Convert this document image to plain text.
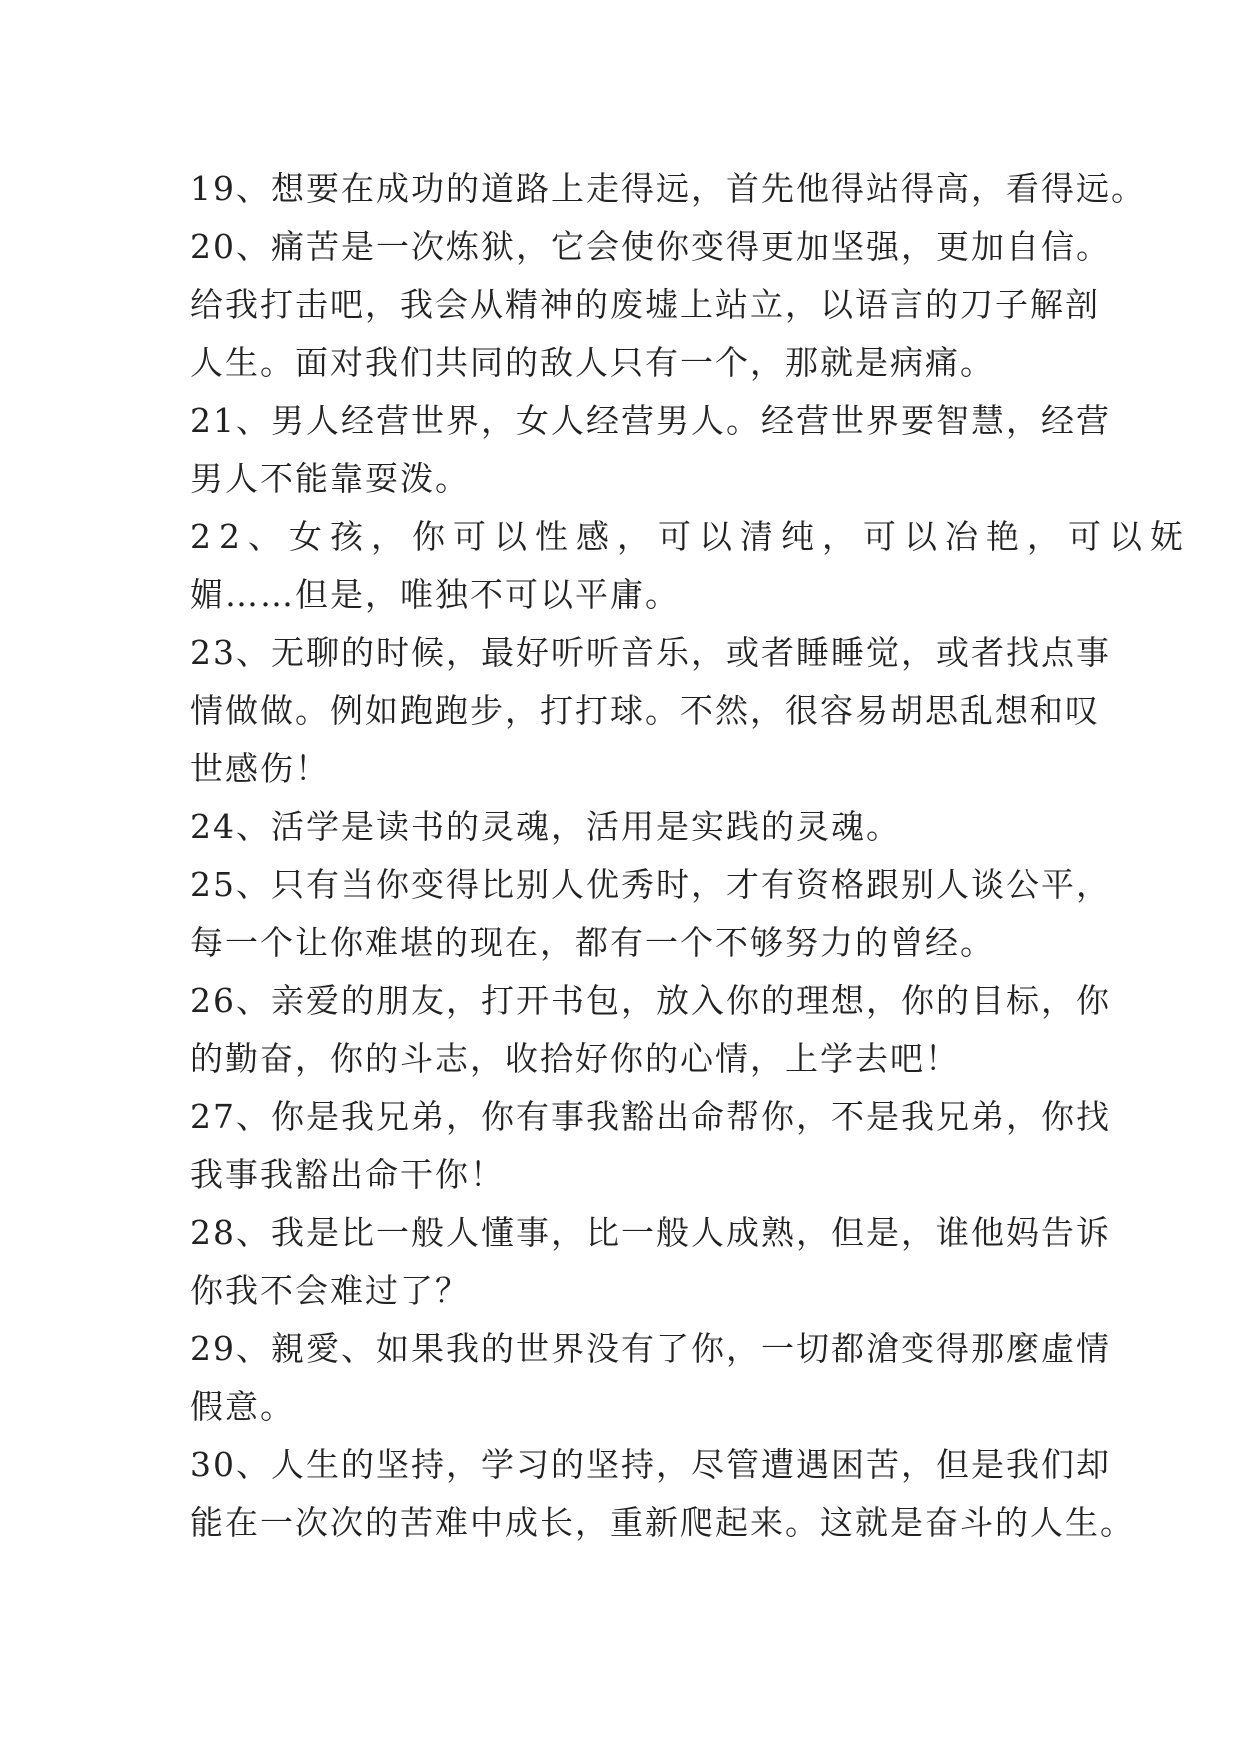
19、想要在成功的道路上走得远，首先他得站得高，看得远。
20、痛苦是一次炼狱，它会使你变得更加坚强，更加自信。
给我打击吧，我会从精神的废墟上站立，以语言的刀子解剖
人生。面对我们共同的敌人只有一个，那就是病痛。
21、男人经营世界，女人经营男人。经营世界要智慧，经营
男人不能靠耍泼。
22、女孩，你可以性感，可以清纯，可以冶艳，可以妩
媚……但是，唯独不可以平庸。
23、无聊的时候，最好听听音乐，或者睡睡觉，或者找点事
情做做。例如跑跑步，打打球。不然，很容易胡思乱想和叹
世感伤！
24、活学是读书的灵魂，活用是实践的灵魂。
25、只有当你变得比别人优秀时，才有资格跟别人谈公平，
每一个让你难堪的现在，都有一个不够努力的曾经。
26、亲爱的朋友，打开书包，放入你的理想，你的目标，你
的勤奋，你的斗志，收拾好你的心情，上学去吧！
27、你是我兄弟，你有事我豁出命帮你，不是我兄弟，你找
我事我豁出命干你！
28、我是比一般人懂事，比一般人成熟，但是，谁他妈告诉
你我不会难过了？
29、親愛、如果我的世界没有了你，一切都滄变得那麼虛情
假意。
30、人生的坚持，学习的坚持，尽管遭遇困苦，但是我们却
能在一次次的苦难中成长，重新爬起来。这就是奋斗的人生。
